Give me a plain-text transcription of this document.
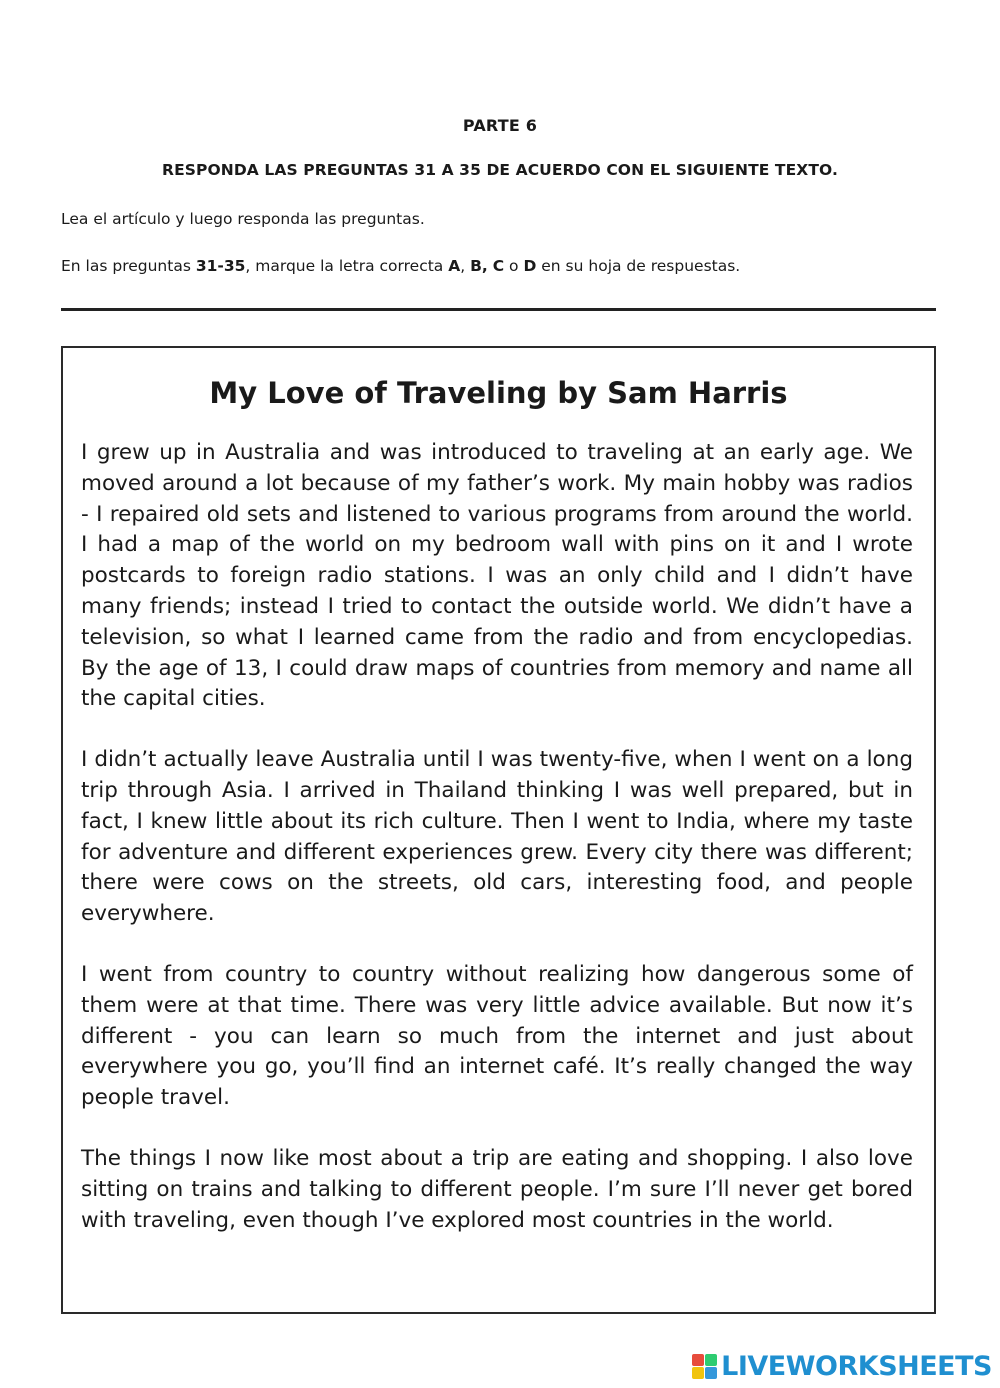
PARTE 6
RESPONDA LAS PREGUNTAS 31 A 35 DE ACUERDO CON EL SIGUIENTE TEXTO.
Lea el artículo y luego responda las preguntas.
En las preguntas 31-35, marque la letra correcta A, B, C o D en su hoja de respuestas.
My Love of Traveling by Sam Harris

I grew up in Australia and was introduced to traveling at an early age. We moved around a lot because of my father’s work. My main hobby was radios - I repaired old sets and listened to various programs from around the world. I had a map of the world on my bedroom wall with pins on it and I wrote postcards to foreign radio stations. I was an only child and I didn’t have many friends; instead I tried to contact the outside world. We didn’t have a television, so what I learned came from the radio and from encyclopedias. By the age of 13, I could draw maps of countries from memory and name all the capital cities.

I didn’t actually leave Australia until I was twenty-five, when I went on a long trip through Asia. I arrived in Thailand thinking I was well prepared, but in fact, I knew little about its rich culture. Then I went to India, where my taste for adventure and different experiences grew. Every city there was different; there were cows on the streets, old cars, interesting food, and people everywhere.

I went from country to country without realizing how dangerous some of them were at that time. There was very little advice available. But now it’s different - you can learn so much from the internet and just about everywhere you go, you’ll find an internet café. It’s really changed the way people travel.

The things I now like most about a trip are eating and shopping. I also love sitting on trains and talking to different people. I’m sure I’ll never get bored with traveling, even though I’ve explored most countries in the world.

LIVEWORKSHEETS
